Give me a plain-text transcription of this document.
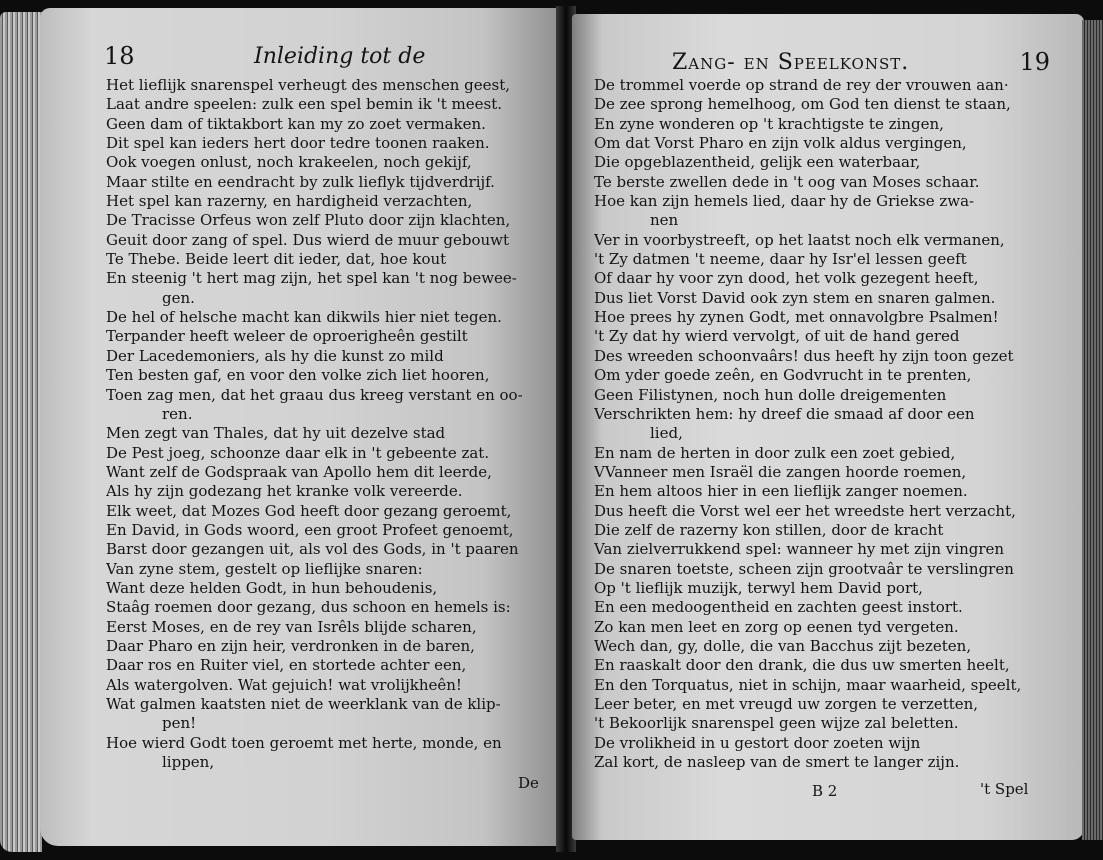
18	Inleiding tot de
Het lieflijk snarenspel verheugt des menschen geest,
Laat andre speelen: zulk een spel bemin ik 't meest.
Geen dam of tiktakbort kan my zo zoet vermaken.
Dit spel kan ieders hert door tedre toonen raaken.
Ook voegen onlust, noch krakeelen, noch gekijf,
Maar stilte en eendracht by zulk lieflyk tijdverdrijf.
Het spel kan razerny, en hardigheid verzachten,
De Tracisse Orfeus won zelf Pluto door zijn klachten,
Geuit door zang of spel. Dus wierd de muur gebouwt
Te Thebe. Beide leert dit ieder, dat, hoe kout
En steenig 't hert mag zijn, het spel kan 't nog bewee-
gen.
De hel of helsche macht kan dikwils hier niet tegen.
Terpander heeft weleer de oproerigheên gestilt
Der Lacedemoniers, als hy die kunst zo mild
Ten besten gaf, en voor den volke zich liet hooren,
Toen zag men, dat het graau dus kreeg verstant en oo-
ren.
Men zegt van Thales, dat hy uit dezelve stad
De Pest joeg, schoonze daar elk in 't gebeente zat.
Want zelf de Godspraak van Apollo hem dit leerde,
Als hy zijn godezang het kranke volk vereerde.
Elk weet, dat Mozes God heeft door gezang geroemt,
En David, in Gods woord, een groot Profeet genoemt,
Barst door gezangen uit, als vol des Gods, in 't paaren
Van zyne stem, gestelt op lieflijke snaren:
Want deze helden Godt, in hun behoudenis,
Staâg roemen door gezang, dus schoon en hemels is:
Eerst Moses, en de rey van Isrêls blijde scharen,
Daar Pharo en zijn heir, verdronken in de baren,
Daar ros en Ruiter viel, en stortede achter een,
Als watergolven. Wat gejuich! wat vrolijkheên!
Wat galmen kaatsten niet de weerklank van de klip-
pen!
Hoe wierd Godt toen geroemt met herte, monde, en
lippen,
De
Zang- en Speelkonst.	19
De trommel voerde op strand de rey der vrouwen aan·
De zee sprong hemelhoog, om God ten dienst te staan,
En zyne wonderen op 't krachtigste te zingen,
Om dat Vorst Pharo en zijn volk aldus vergingen,
Die opgeblazentheid, gelijk een waterbaar,
Te berste zwellen dede in 't oog van Moses schaar.
Hoe kan zijn hemels lied, daar hy de Griekse zwa-
nen
Ver in voorbystreeft, op het laatst noch elk vermanen,
't Zy datmen 't neeme, daar hy Isr'el lessen geeft
Of daar hy voor zyn dood, het volk gezegent heeft,
Dus liet Vorst David ook zyn stem en snaren galmen.
Hoe prees hy zynen Godt, met onnavolgbre Psalmen!
't Zy dat hy wierd vervolgt, of uit de hand gered
Des wreeden schoonvaârs! dus heeft hy zijn toon gezet
Om yder goede zeên, en Godvrucht in te prenten,
Geen Filistynen, noch hun dolle dreigementen
Verschrikten hem: hy dreef die smaad af door een
lied,
En nam de herten in door zulk een zoet gebied,
VVanneer men Israël die zangen hoorde roemen,
En hem altoos hier in een lieflijk zanger noemen.
Dus heeft die Vorst wel eer het wreedste hert verzacht,
Die zelf de razerny kon stillen, door de kracht
Van zielverrukkend spel: wanneer hy met zijn vingren
De snaren toetste, scheen zijn grootvaâr te verslingren
Op 't lieflijk muzijk, terwyl hem David port,
En een medoogentheid en zachten geest instort.
Zo kan men leet en zorg op eenen tyd vergeten.
Wech dan, gy, dolle, die van Bacchus zijt bezeten,
En raaskalt door den drank, die dus uw smerten heelt,
En den Torquatus, niet in schijn, maar waarheid, speelt,
Leer beter, en met vreugd uw zorgen te verzetten,
't Bekoorlijk snarenspel geen wijze zal beletten.
De vrolikheid in u gestort door zoeten wijn
Zal kort, de nasleep van de smert te langer zijn.
B 2	't Spel
